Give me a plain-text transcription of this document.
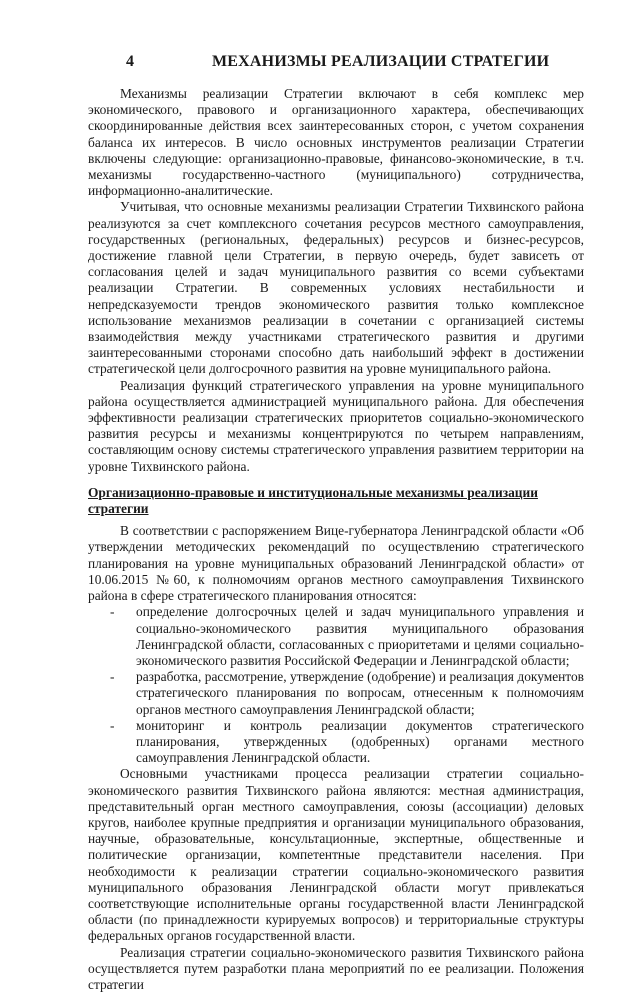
4	МЕХАНИЗМЫ РЕАЛИЗАЦИИ СТРАТЕГИИ

Механизмы реализации Стратегии включают в себя комплекс мер экономического, правового и организационного характера, обеспечивающих скоординированные действия всех заинтересованных сторон, с учетом сохранения баланса их интересов. В число основных инструментов реализации Стратегии включены следующие: организационно-правовые, финансово-экономические, в т.ч. механизмы государственно-частного (муниципального) сотрудничества, информационно-аналитические.

Учитывая, что основные механизмы реализации Стратегии Тихвинского района реализуются за счет комплексного сочетания ресурсов местного самоуправления, государственных (региональных, федеральных) ресурсов и бизнес-ресурсов, достижение главной цели Стратегии, в первую очередь, будет зависеть от согласования целей и задач муниципального развития со всеми субъектами реализации Стратегии. В современных условиях нестабильности и непредсказуемости трендов экономического развития только комплексное использование механизмов реализации в сочетании с организацией системы взаимодействия между участниками стратегического развития и другими заинтересованными сторонами способно дать наибольший эффект в достижении стратегической цели долгосрочного развития на уровне муниципального района.

Реализация функций стратегического управления на уровне муниципального района осуществляется администрацией муниципального района. Для обеспечения эффективности реализации стратегических приоритетов социально-экономического развития ресурсы и механизмы концентрируются по четырем направлениям, составляющим основу системы стратегического управления развитием территории на уровне Тихвинского района.

Организационно-правовые и институциональные механизмы реализации стратегии

В соответствии с распоряжением Вице-губернатора Ленинградской области «Об утверждении методических рекомендаций по осуществлению стратегического планирования на уровне муниципальных образований Ленинградской области» от 10.06.2015 №60, к полномочиям органов местного самоуправления Тихвинского района в сфере стратегического планирования относятся:

- определение долгосрочных целей и задач муниципального управления и социально-экономического развития муниципального образования Ленинградской области, согласованных с приоритетами и целями социально-экономического развития Российской Федерации и Ленинградской области;
- разработка, рассмотрение, утверждение (одобрение) и реализация документов стратегического планирования по вопросам, отнесенным к полномочиям органов местного самоуправления Ленинградской области;
- мониторинг и контроль реализации документов стратегического планирования, утвержденных (одобренных) органами местного самоуправления Ленинградской области.

Основными участниками процесса реализации стратегии социально-экономического развития Тихвинского района являются: местная администрация, представительный орган местного самоуправления, союзы (ассоциации) деловых кругов, наиболее крупные предприятия и организации муниципального образования, научные, образовательные, консультационные, экспертные, общественные и политические организации, компетентные представители населения. При необходимости к реализации стратегии социально-экономического развития муниципального образования Ленинградской области могут привлекаться соответствующие исполнительные органы государственной власти Ленинградской области (по принадлежности курируемых вопросов) и территориальные структуры федеральных органов государственной власти.

Реализация стратегии социально-экономического развития Тихвинского района осуществляется путем разработки плана мероприятий по ее реализации. Положения стратегии
